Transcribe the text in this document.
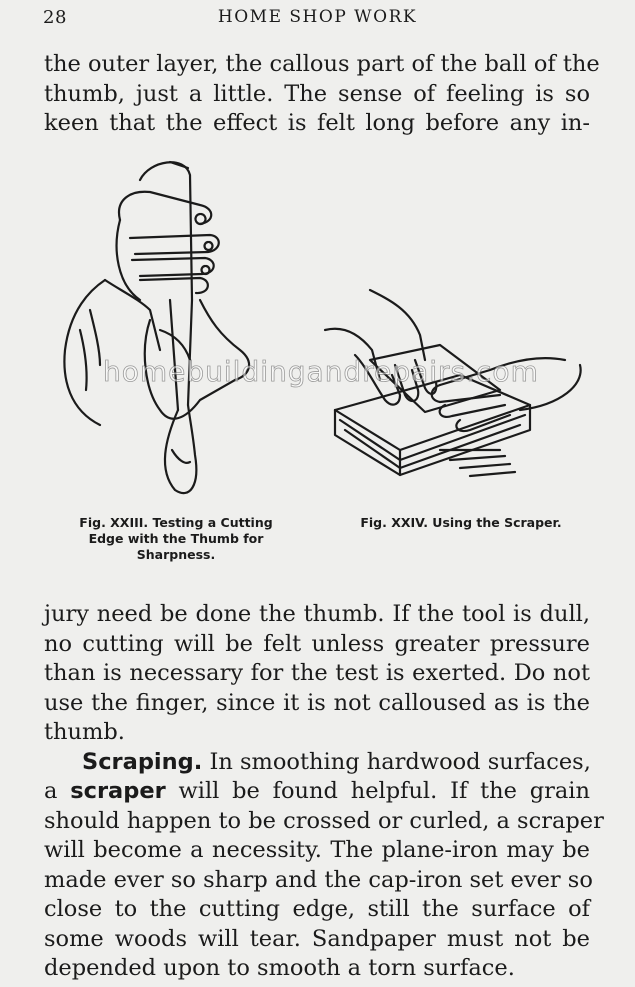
28	HOME SHOP WORK
the outer layer, the callous part of the ball of the
thumb, just a little. The sense of feeling is so
keen that the effect is felt long before any in-
homebuildingandrepairs.com
Fig. XXIII. Testing a Cutting
Edge with the Thumb for
Sharpness.
Fig. XXIV. Using the Scraper.
jury need be done the thumb. If the tool is dull,
no cutting will be felt unless greater pressure
than is necessary for the test is exerted. Do not
use the finger, since it is not calloused as is the
thumb.
Scraping. In smoothing hardwood surfaces,
a scraper will be found helpful. If the grain
should happen to be crossed or curled, a scraper
will become a necessity. The plane-iron may be
made ever so sharp and the cap-iron set ever so
close to the cutting edge, still the surface of
some woods will tear. Sandpaper must not be
depended upon to smooth a torn surface.
